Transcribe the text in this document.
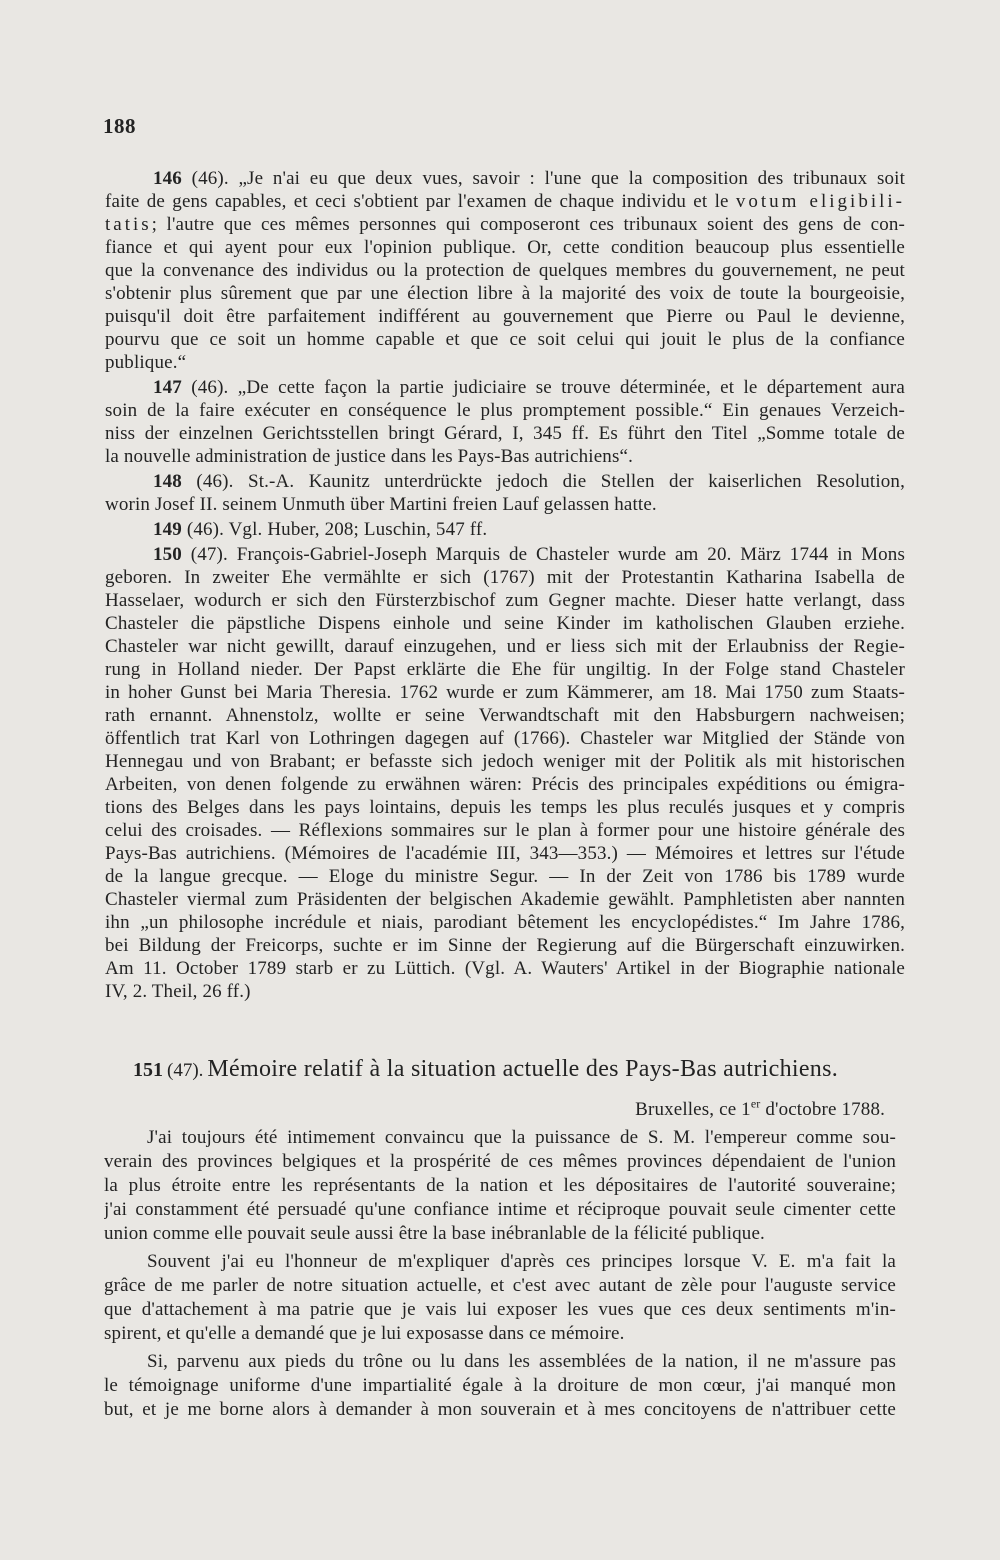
188
146 (46). „Je n'ai eu que deux vues, savoir : l'une que la composition des tribunaux soit
faite de gens capables, et ceci s'obtient par l'examen de chaque individu et le votum eligibili-
tatis; l'autre que ces mêmes personnes qui composeront ces tribunaux soient des gens de con-
fiance et qui ayent pour eux l'opinion publique. Or, cette condition beaucoup plus essentielle
que la convenance des individus ou la protection de quelques membres du gouvernement, ne peut
s'obtenir plus sûrement que par une élection libre à la majorité des voix de toute la bourgeoisie,
puisqu'il doit être parfaitement indifférent au gouvernement que Pierre ou Paul le devienne,
pourvu que ce soit un homme capable et que ce soit celui qui jouit le plus de la confiance
publique.“
147 (46). „De cette façon la partie judiciaire se trouve déterminée, et le département aura
soin de la faire exécuter en conséquence le plus promptement possible.“ Ein genaues Verzeich-
niss der einzelnen Gerichtsstellen bringt Gérard, I, 345 ff. Es führt den Titel „Somme totale de
la nouvelle administration de justice dans les Pays-Bas autrichiens“.
148 (46). St.-A. Kaunitz unterdrückte jedoch die Stellen der kaiserlichen Resolution,
worin Josef II. seinem Unmuth über Martini freien Lauf gelassen hatte.
149 (46). Vgl. Huber, 208; Luschin, 547 ff.
150 (47). François-Gabriel-Joseph Marquis de Chasteler wurde am 20. März 1744 in Mons
geboren. In zweiter Ehe vermählte er sich (1767) mit der Protestantin Katharina Isabella de
Hasselaer, wodurch er sich den Fürsterzbischof zum Gegner machte. Dieser hatte verlangt, dass
Chasteler die päpstliche Dispens einhole und seine Kinder im katholischen Glauben erziehe.
Chasteler war nicht gewillt, darauf einzugehen, und er liess sich mit der Erlaubniss der Regie-
rung in Holland nieder. Der Papst erklärte die Ehe für ungiltig. In der Folge stand Chasteler
in hoher Gunst bei Maria Theresia. 1762 wurde er zum Kämmerer, am 18. Mai 1750 zum Staats-
rath ernannt. Ahnenstolz, wollte er seine Verwandtschaft mit den Habsburgern nachweisen;
öffentlich trat Karl von Lothringen dagegen auf (1766). Chasteler war Mitglied der Stände von
Hennegau und von Brabant; er befasste sich jedoch weniger mit der Politik als mit historischen
Arbeiten, von denen folgende zu erwähnen wären: Précis des principales expéditions ou émigra-
tions des Belges dans les pays lointains, depuis les temps les plus reculés jusques et y compris
celui des croisades. — Réflexions sommaires sur le plan à former pour une histoire générale des
Pays-Bas autrichiens. (Mémoires de l'académie III, 343—353.) — Mémoires et lettres sur l'étude
de la langue grecque. — Eloge du ministre Segur. — In der Zeit von 1786 bis 1789 wurde
Chasteler viermal zum Präsidenten der belgischen Akademie gewählt. Pamphletisten aber nannten
ihn „un philosophe incrédule et niais, parodiant bêtement les encyclopédistes.“ Im Jahre 1786,
bei Bildung der Freicorps, suchte er im Sinne der Regierung auf die Bürgerschaft einzuwirken.
Am 11. October 1789 starb er zu Lüttich. (Vgl. A. Wauters' Artikel in der Biographie nationale
IV, 2. Theil, 26 ff.)
151 (47). Mémoire relatif à la situation actuelle des Pays-Bas autrichiens.
Bruxelles, ce 1er d'octobre 1788.
J'ai toujours été intimement convaincu que la puissance de S. M. l'empereur comme sou-
verain des provinces belgiques et la prospérité de ces mêmes provinces dépendaient de l'union
la plus étroite entre les représentants de la nation et les dépositaires de l'autorité souveraine;
j'ai constamment été persuadé qu'une confiance intime et réciproque pouvait seule cimenter cette
union comme elle pouvait seule aussi être la base inébranlable de la félicité publique.
Souvent j'ai eu l'honneur de m'expliquer d'après ces principes lorsque V. E. m'a fait la
grâce de me parler de notre situation actuelle, et c'est avec autant de zèle pour l'auguste service
que d'attachement à ma patrie que je vais lui exposer les vues que ces deux sentiments m'in-
spirent, et qu'elle a demandé que je lui exposasse dans ce mémoire.
Si, parvenu aux pieds du trône ou lu dans les assemblées de la nation, il ne m'assure pas
le témoignage uniforme d'une impartialité égale à la droiture de mon cœur, j'ai manqué mon
but, et je me borne alors à demander à mon souverain et à mes concitoyens de n'attribuer cette
